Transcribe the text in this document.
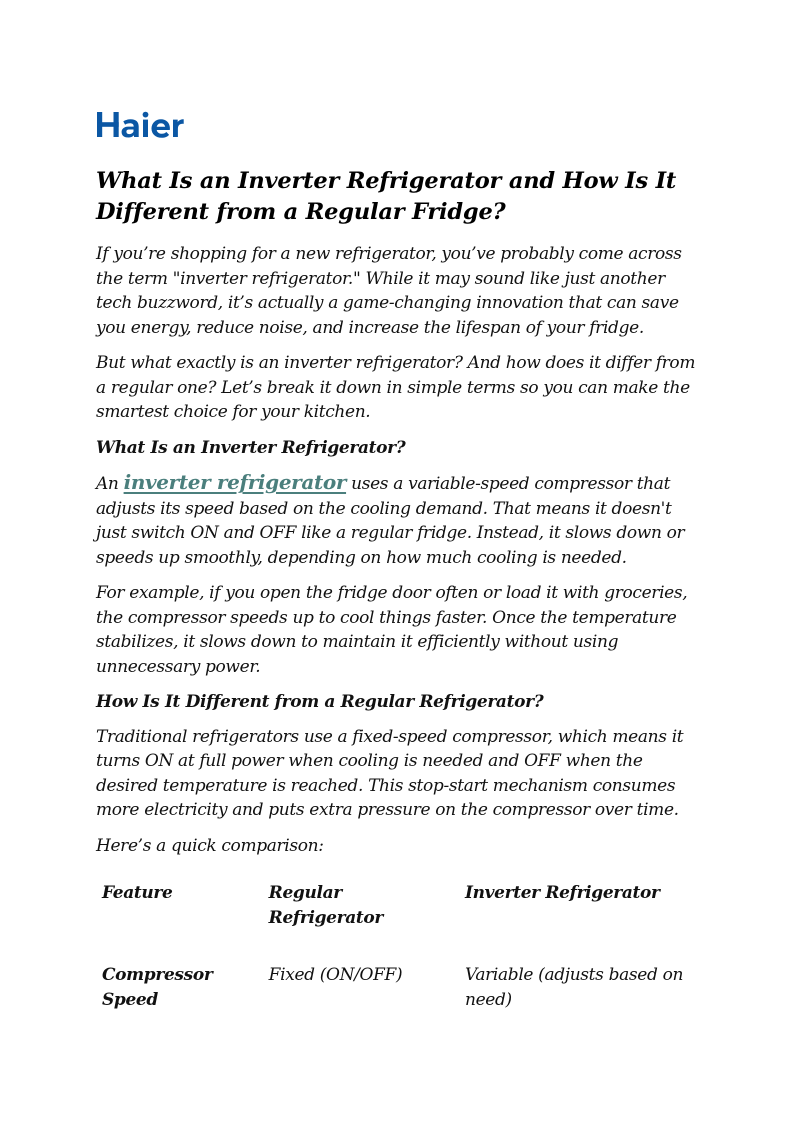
Haier
What Is an Inverter Refrigerator and How Is It Different from a Regular Fridge?

If you’re shopping for a new refrigerator, you’ve probably come across the term "inverter refrigerator." While it may sound like just another tech buzzword, it’s actually a game-changing innovation that can save you energy, reduce noise, and increase the lifespan of your fridge.

But what exactly is an inverter refrigerator? And how does it differ from a regular one? Let’s break it down in simple terms so you can make the smartest choice for your kitchen.

What Is an Inverter Refrigerator?

An inverter refrigerator uses a variable-speed compressor that adjusts its speed based on the cooling demand. That means it doesn't just switch ON and OFF like a regular fridge. Instead, it slows down or speeds up smoothly, depending on how much cooling is needed.

For example, if you open the fridge door often or load it with groceries, the compressor speeds up to cool things faster. Once the temperature stabilizes, it slows down to maintain it efficiently without using unnecessary power.

How Is It Different from a Regular Refrigerator?

Traditional refrigerators use a fixed-speed compressor, which means it turns ON at full power when cooling is needed and OFF when the desired temperature is reached. This stop-start mechanism consumes more electricity and puts extra pressure on the compressor over time.

Here’s a quick comparison:

Feature	Regular Refrigerator	Inverter Refrigerator
Compressor Speed	Fixed (ON/OFF)	Variable (adjusts based on need)
